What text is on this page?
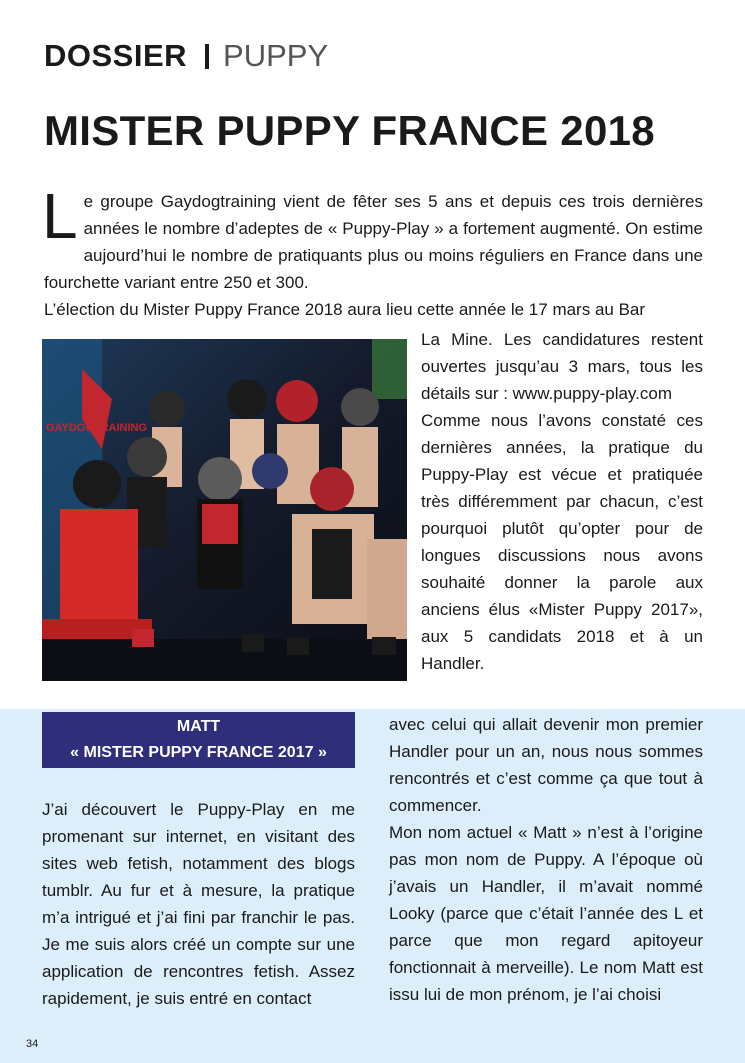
DOSSIER PUPPY
MISTER PUPPY FRANCE 2018

Le groupe Gaydogtraining vient de fêter ses 5 ans et depuis ces trois dernières années le nombre d’adeptes de « Puppy-Play » a fortement augmenté. On estime aujourd’hui le nombre de pratiquants plus ou moins réguliers en France dans une fourchette variant entre 250 et 300.

L’élection du Mister Puppy France 2018 aura lieu cette année le 17 mars au Bar

GAYDOGTRAINING

La Mine. Les candidatures restent ouvertes jusqu’au 3 mars, tous les détails sur : www.puppy-play.com

Comme nous l’avons constaté ces dernières années, la pratique du Puppy-Play est vécue et pratiquée très différemment par chacun, c’est pourquoi plutôt qu’opter pour de longues discussions nous avons souhaité donner la parole aux anciens élus «Mister Puppy 2017», aux 5 candidats 2018 et à un Handler.

MATT
« MISTER PUPPY FRANCE 2017 »

J’ai découvert le Puppy-Play en me promenant sur internet, en visitant des sites web fetish, notamment des blogs tumblr. Au fur et à mesure, la pratique m’a intrigué et j’ai fini par franchir le pas. Je me suis alors créé un compte sur une application de rencontres fetish. Assez rapidement, je suis entré en contact

avec celui qui allait devenir mon premier Handler pour un an, nous nous sommes rencontrés et c’est comme ça que tout à commencer.

Mon nom actuel « Matt » n’est à l’origine pas mon nom de Puppy. A l’époque où j’avais un Handler, il m’avait nommé Looky (parce que c’était l’année des L et parce que mon regard apitoyeur fonctionnait à merveille). Le nom Matt est issu lui de mon prénom, je l’ai choisi

34
